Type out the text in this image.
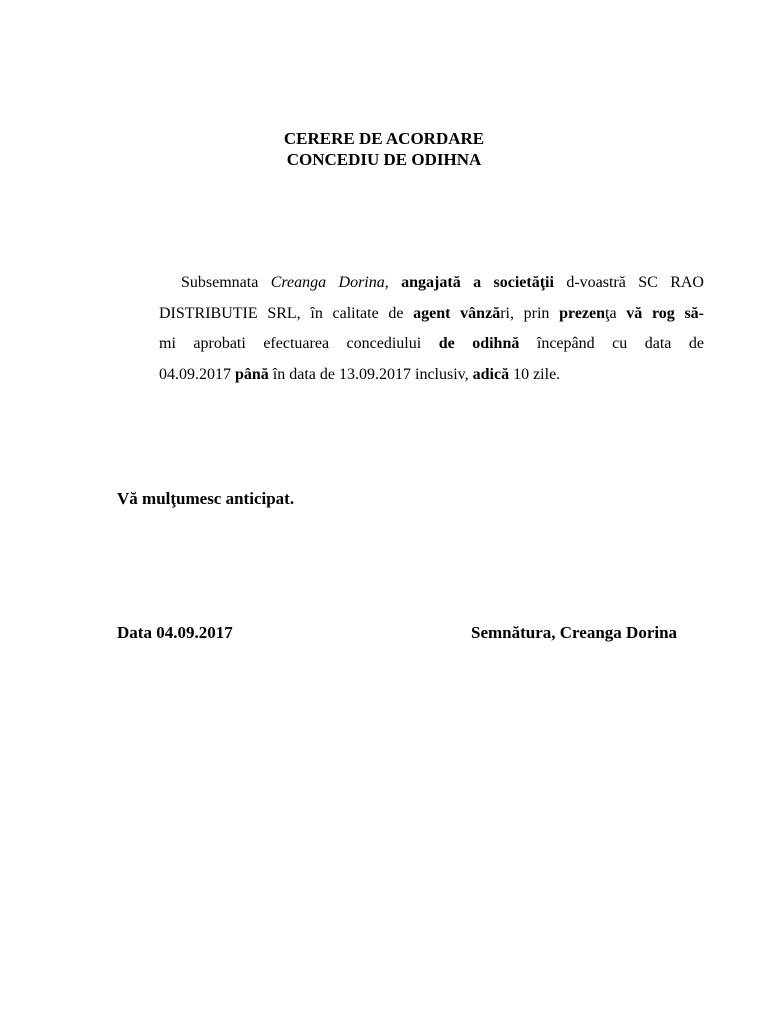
CERERE DE ACORDARE
CONCEDIU DE ODIHNA
Subsemnata Creanga Dorina, angajată a societăţii d-voastră SC RAO
DISTRIBUTIE SRL, în calitate de agent vânzări, prin prezenţa vă rog să-
mi aprobati efectuarea concediului de odihnă începând cu data de
04.09.2017 până în data de 13.09.2017 inclusiv, adică 10 zile.
Vă mulţumesc anticipat.
Data 04.09.2017	Semnătura, Creanga Dorina
